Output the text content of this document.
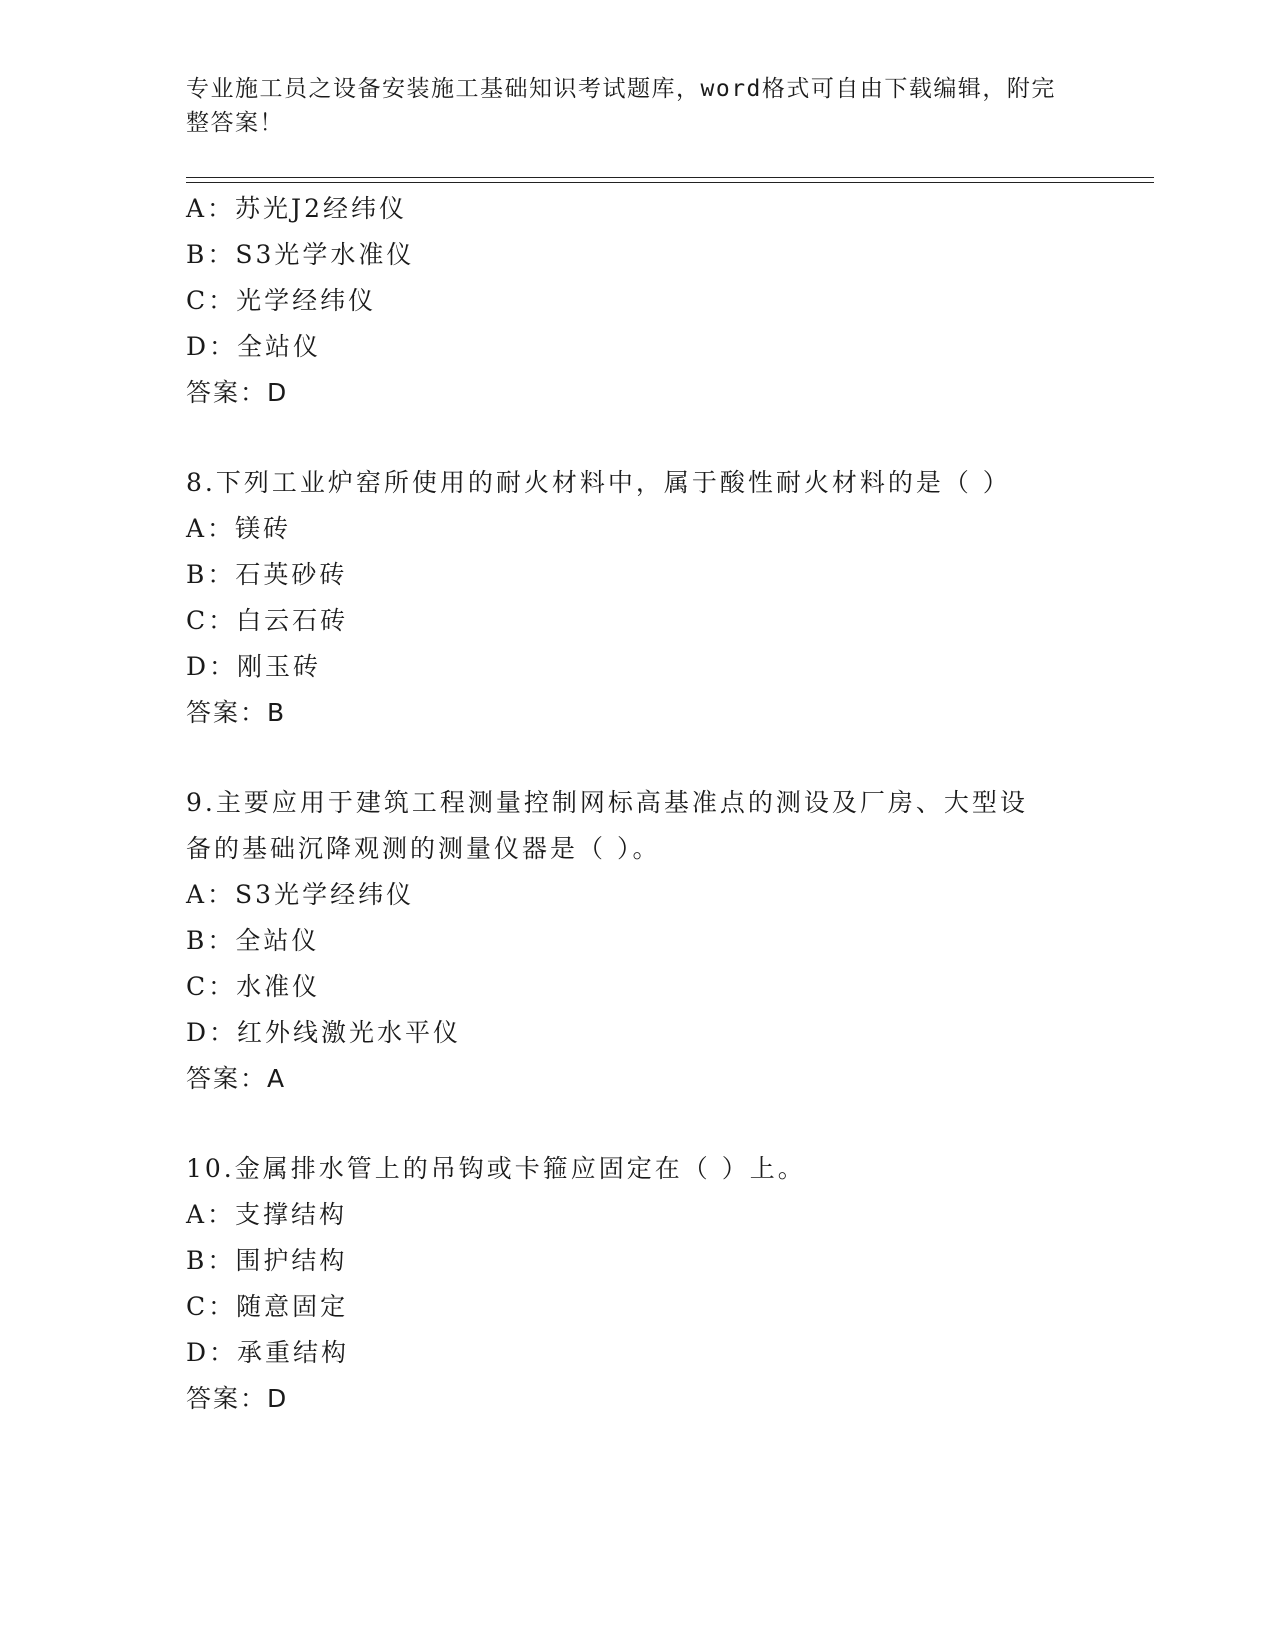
专业施工员之设备安装施工基础知识考试题库，word格式可自由下载编辑，附完
整答案！
A：苏光J2经纬仪
B：S3光学水准仪
C：光学经纬仪
D：全站仪
答案：D
8.下列工业炉窑所使用的耐火材料中，属于酸性耐火材料的是（ ）
A：镁砖
B：石英砂砖
C：白云石砖
D：刚玉砖
答案：B
9.主要应用于建筑工程测量控制网标高基准点的测设及厂房、大型设
备的基础沉降观测的测量仪器是（ ）。
A：S3光学经纬仪
B：全站仪
C：水准仪
D：红外线激光水平仪
答案：A
10.金属排水管上的吊钩或卡箍应固定在（ ）上。
A：支撑结构
B：围护结构
C：随意固定
D：承重结构
答案：D
